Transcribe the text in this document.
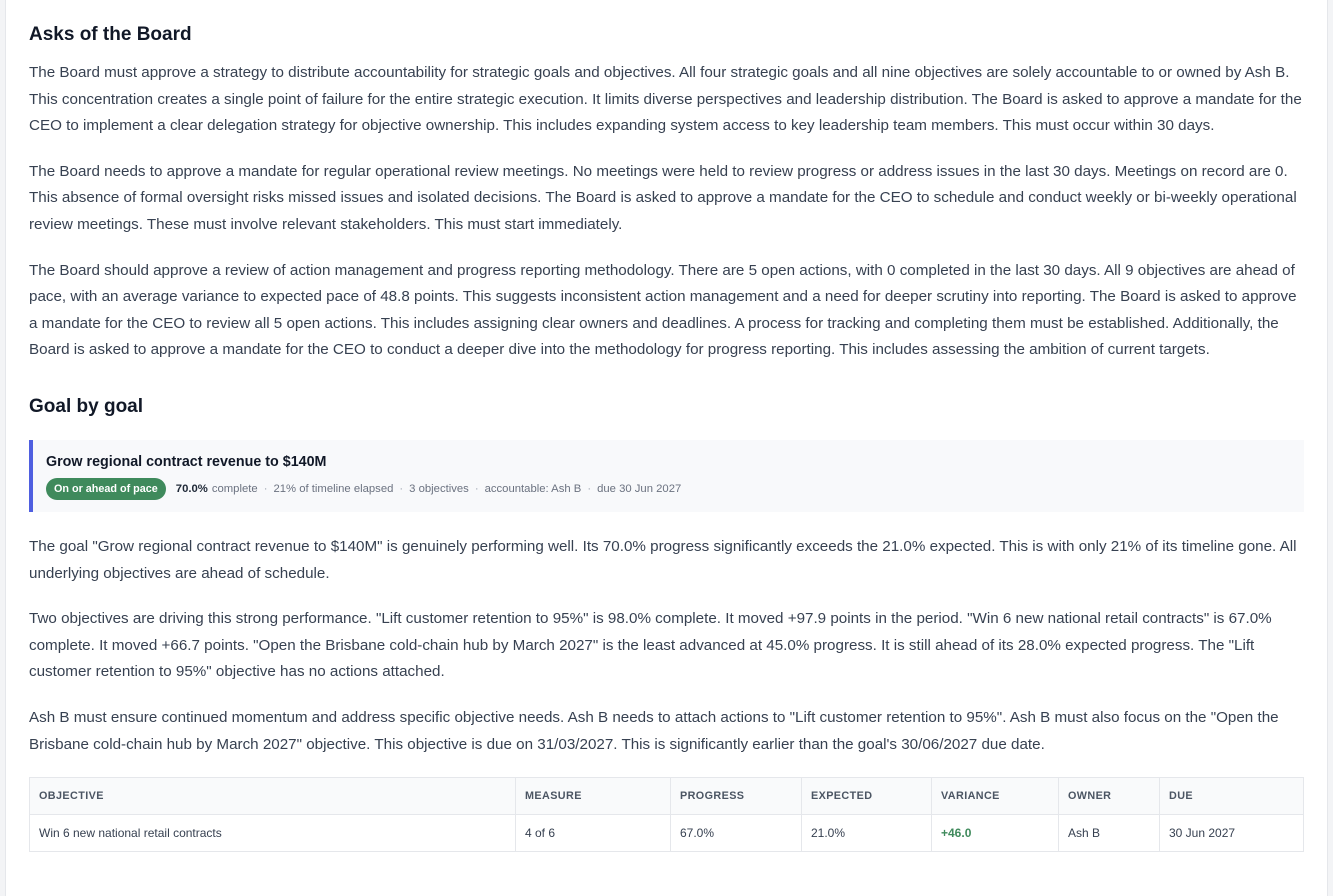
Asks of the Board

The Board must approve a strategy to distribute accountability for strategic goals and objectives. All four strategic goals and all nine objectives are solely accountable to or owned by Ash B. This concentration creates a single point of failure for the entire strategic execution. It limits diverse perspectives and leadership distribution. The Board is asked to approve a mandate for the CEO to implement a clear delegation strategy for objective ownership. This includes expanding system access to key leadership team members. This must occur within 30 days.

The Board needs to approve a mandate for regular operational review meetings. No meetings were held to review progress or address issues in the last 30 days. Meetings on record are 0. This absence of formal oversight risks missed issues and isolated decisions. The Board is asked to approve a mandate for the CEO to schedule and conduct weekly or bi-weekly operational review meetings. These must involve relevant stakeholders. This must start immediately.

The Board should approve a review of action management and progress reporting methodology. There are 5 open actions, with 0 completed in the last 30 days. All 9 objectives are ahead of pace, with an average variance to expected pace of 48.8 points. This suggests inconsistent action management and a need for deeper scrutiny into reporting. The Board is asked to approve a mandate for the CEO to review all 5 open actions. This includes assigning clear owners and deadlines. A process for tracking and completing them must be established. Additionally, the Board is asked to approve a mandate for the CEO to conduct a deeper dive into the methodology for progress reporting. This includes assessing the ambition of current targets.

Goal by goal
Grow regional contract revenue to $140M
On or ahead of pace	70.0% complete · 21% of timeline elapsed · 3 objectives · accountable: Ash B · due 30 Jun 2027

The goal "Grow regional contract revenue to $140M" is genuinely performing well. Its 70.0% progress significantly exceeds the 21.0% expected. This is with only 21% of its timeline gone. All underlying objectives are ahead of schedule.

Two objectives are driving this strong performance. "Lift customer retention to 95%" is 98.0% complete. It moved +97.9 points in the period. "Win 6 new national retail contracts" is 67.0% complete. It moved +66.7 points. "Open the Brisbane cold-chain hub by March 2027" is the least advanced at 45.0% progress. It is still ahead of its 28.0% expected progress. The "Lift customer retention to 95%" objective has no actions attached.

Ash B must ensure continued momentum and address specific objective needs. Ash B needs to attach actions to "Lift customer retention to 95%". Ash B must also focus on the "Open the Brisbane cold-chain hub by March 2027" objective. This objective is due on 31/03/2027. This is significantly earlier than the goal's 30/06/2027 due date.

OBJECTIVE	MEASURE	PROGRESS	EXPECTED	VARIANCE	OWNER	DUE
Win 6 new national retail contracts	4 of 6	67.0%	21.0%	+46.0	Ash B	30 Jun 2027
